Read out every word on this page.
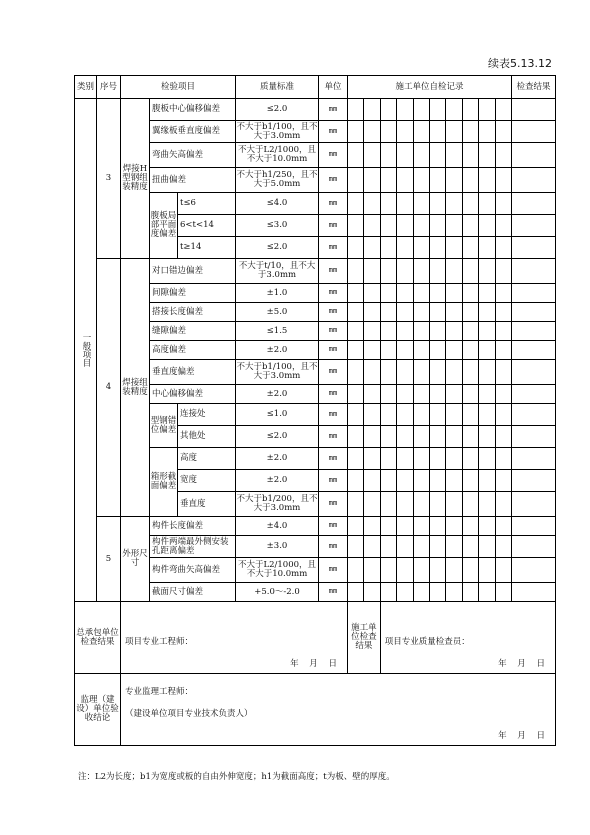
续表5.13.12
类别	序号	检验项目			质量标准	单位	施工单位自检记录										检查结果
一般项目	3	焊接H型钢组装精度	腹板中心偏移偏差		≤2.0	mm											
			翼缘板垂直度偏差		不大于b1/100，且不大于3.0mm	mm											
			弯曲矢高偏差		不大于L2/1000，且不大于10.0mm	mm											
			扭曲偏差		不大于h1/250，且不大于5.0mm	mm											
			腹板局部平面度偏差	t≤6	≤4.0	mm											
				6<t<14	≤3.0	mm											
				t≥14	≤2.0	mm											
	4	焊接组装精度	对口错边偏差		不大于t/10，且不大于3.0mm	mm											
			间隙偏差		±1.0	mm											
			搭接长度偏差		±5.0	mm											
			缝隙偏差		≤1.5	mm											
			高度偏差		±2.0	mm											
			垂直度偏差		不大于b1/100，且不大于3.0mm	mm											
			中心偏移偏差		±2.0	mm											
			型钢错位偏差	连接处	≤1.0	mm											
				其他处	≤2.0	mm											
			箱形截面偏差	高度	±2.0	mm											
				宽度	±2.0	mm											
				垂直度	不大于b1/200，且不大于3.0mm	mm											
	5	外形尺寸	构件长度偏差		±4.0	mm											
			构件两端最外侧安装孔距离偏差		±3.0	mm											
			构件弯曲矢高偏差		不大于L2/1000，且不大于10.0mm	mm											
			截面尺寸偏差		+5.0～-2.0	mm											
总承包单位检查结果		项目专业工程师：
年 月 日					施工单位检查结果		项目专业质量检查员：
年 月 日								

监理（建设）单位验收结论		专业监理工程师：
（建设单位项目专业技术负责人）
年 月 日															
注：L2为长度；b1为宽度或板的自由外伸宽度；h1为截面高度；t为板、壁的厚度。
